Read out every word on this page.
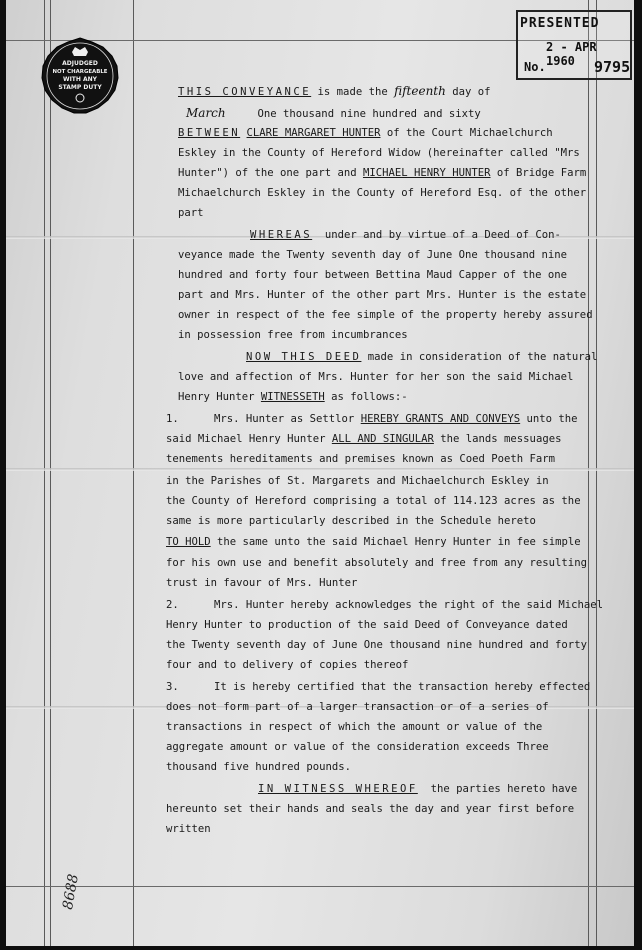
ADJUDGED
NOT CHARGEABLE
WITH ANY
STAMP DUTY
PRESENTED
2 - APR 1960
No.	9795
THIS CONVEYANCE is made the fifteenth day of
March	One thousand nine hundred and sixty
BETWEEN CLARE MARGARET HUNTER of the Court Michaelchurch
Eskley in the County of Hereford Widow (hereinafter called "Mrs
Hunter") of the one part and MICHAEL HENRY HUNTER of Bridge Farm
Michaelchurch Eskley in the County of Hereford Esq. of the other
part
WHEREAS  under and by virtue of a Deed of Con-
veyance made the Twenty seventh day of June One thousand nine
hundred and forty four between Bettina Maud Capper of the one
part and Mrs. Hunter of the other part Mrs. Hunter is the estate
owner in respect of the fee simple of the property hereby assured
in possession free from incumbrances
NOW THIS DEED made in consideration of the natural
love and affection of Mrs. Hunter for her son the said Michael
Henry Hunter WITNESSETH as follows:-
1.	Mrs. Hunter as Settlor HEREBY GRANTS AND CONVEYS unto the
said Michael Henry Hunter ALL AND SINGULAR the lands messuages
tenements hereditaments and premises known as Coed Poeth Farm
in the Parishes of St. Margarets and Michaelchurch Eskley in
the County of Hereford comprising a total of 114.123 acres as the
same is more particularly described in the Schedule hereto
TO HOLD the same unto the said Michael Henry Hunter in fee simple
for his own use and benefit absolutely and free from any resulting
trust in favour of Mrs. Hunter
2.	Mrs. Hunter hereby acknowledges the right of the said Michael
Henry Hunter to production of the said Deed of Conveyance dated
the Twenty seventh day of June One thousand nine hundred and forty
four and to delivery of copies thereof
3.	It is hereby certified that the transaction hereby effected
does not form part of a larger transaction or of a series of
transactions in respect of which the amount or value of the
aggregate amount or value of the consideration exceeds Three
thousand five hundred pounds.
IN WITNESS WHEREOF  the parties hereto have
hereunto set their hands and seals the day and year first before
written
8688
